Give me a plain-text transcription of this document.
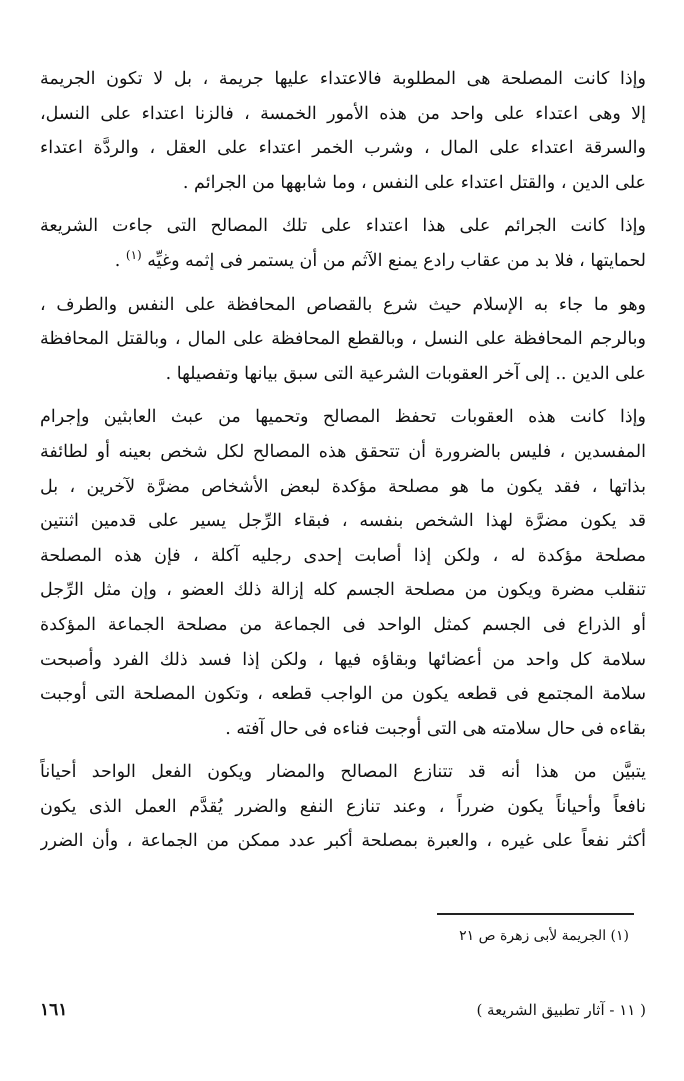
وإذا كانت المصلحة هى المطلوبة فالاعتداء عليها جريمة ، بل لا تكون الجريمة
إلا وهى اعتداء على واحد من هذه الأمور الخمسة ، فالزنا اعتداء على النسل،
والسرقة اعتداء على المال ، وشرب الخمر اعتداء على العقل ، والردَّة اعتداء
على الدين ، والقتل اعتداء على النفس ، وما شابهها من الجرائم .
وإذا كانت الجرائم على هذا اعتداء على تلك المصالح التى جاءت الشريعة
لحمايتها ، فلا بد من عقاب رادع يمنع الآثم من أن يستمر فى إثمه وغيِّه $^{(١)}$ .
وهو ما جاء به الإسلام حيث شرع بالقصاص المحافظة على النفس والطرف ،
وبالرجم المحافظة على النسل ، وبالقطع المحافظة على المال ، وبالقتل المحافظة
على الدين .. إلى آخر العقوبات الشرعية التى سبق بيانها وتفصيلها .
وإذا كانت هذه العقوبات تحفظ المصالح وتحميها من عبث العابثين وإجرام
المفسدين ، فليس بالضرورة أن تتحقق هذه المصالح لكل شخص بعينه أو لطائفة
بذاتها ، فقد يكون ما هو مصلحة مؤكدة لبعض الأشخاص مضرَّة لآخرين ، بل
قد يكون مضرَّة لهذا الشخص بنفسه ، فبقاء الرِّجل يسير على قدمين اثنتين
مصلحة مؤكدة له ، ولكن إذا أصابت إحدى رجليه آكلة ، فإن هذه المصلحة
تنقلب مضرة ويكون من مصلحة الجسم كله إزالة ذلك العضو ، وإن مثل الرِّجل
أو الذراع فى الجسم كمثل الواحد فى الجماعة من مصلحة الجماعة المؤكدة
سلامة كل واحد من أعضائها وبقاؤه فيها ، ولكن إذا فسد ذلك الفرد وأصبحت
سلامة المجتمع فى قطعه يكون من الواجب قطعه ، وتكون المصلحة التى أوجبت
بقاءه فى حال سلامته هى التى أوجبت فناءه فى حال آفته .
يتبيَّن من هذا أنه قد تتنازع المصالح والمضار ويكون الفعل الواحد أحياناً
نافعاً وأحياناً يكون ضرراً ، وعند تنازع النفع والضرر يُقدَّم العمل الذى يكون
أكثر نفعاً على غيره ، والعبرة بمصلحة أكبر عدد ممكن من الجماعة ، وأن الضرر
(١) الجريمة لأبى زهرة ص ٢١
١٦١	( ١١ - آثار تطبيق الشريعة )
